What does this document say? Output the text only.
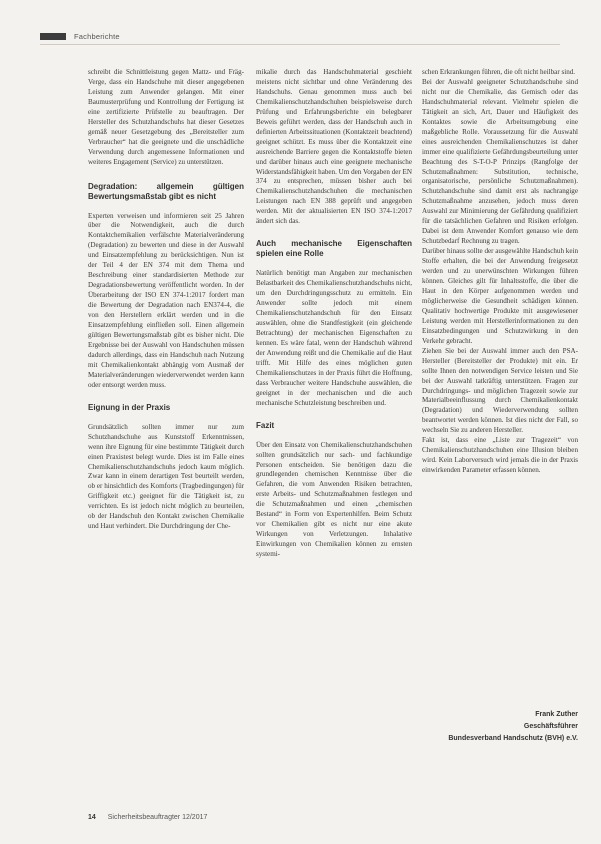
Fachberichte

schreibt die Schnittleistung gegen Mattz- und Fräg-Verge, dass ein Handschuhe mit dieser angegebenen Leistung zum Anwender gelangen. Mit einer Baumusterprüfung und Kontrollung der Fertigung ist eine zertifizierte Prüfstelle zu beauftragen. Der Hersteller des Schutzhandschuhs hat dieser Gesetzes gemäß neuer Gesetzgebung des „Bereitsteller zum Verbraucher“ hat die geeignete und die unschädliche Verwendung durch angemessene Informationen und weiteres Engagement (Service) zu unterstützen.

Degradation: allgemein gültigen Bewertungsmaßstab gibt es nicht

Experten verweisen und informieren seit 25 Jahren über die Notwendigkeit, auch die durch Kontaktchemikalien verfälschte Materialveränderung (Degradation) zu bewerten und diese in der Auswahl und Einsatzempfehlung zu berücksichtigen. Nun ist der Teil 4 der EN 374 mit dem Thema und Beschreibung einer standardisierten Methode zur Degradationsbewertung veröffentlicht worden. In der Überarbeitung der ISO EN 374-1:2017 fordert man die Bewertung der Degradation nach EN374-4, die von den Herstellern erklärt werden und in die Einsatzempfehlung einfließen soll. Einen allgemein gültigen Bewertungsmaßstab gibt es bisher nicht. Die Ergebnisse bei der Auswahl von Handschuhen müssen dadurch allerdings, dass ein Handschuh nach Nutzung mit Chemikalienkontakt abhängig vom Ausmaß der Materialveränderungen wiederverwendet werden kann oder entsorgt werden muss.

Eignung in der Praxis

Grundsätzlich sollten immer nur zum Schutzhandschuhe aus Kunststoff Erkenntnissen, wenn ihre Eignung für eine bestimmte Tätigkeit durch einen Praxistest belegt wurde. Dies ist im Falle eines Chemikalienschutzhandschuhs jedoch kaum möglich. Zwar kann in einem derartigen Test beurteilt werden, ob er hinsichtlich des Komforts (Tragbedingungen) für Griffigkeit etc.) geeignet für die Tätigkeit ist, zu verrichten. Es ist jedoch nicht möglich zu beurteilen, ob der Handschuh den Kontakt zwischen Chemikalie und Haut verhindert. Die Durchdringung der Che-

mikalie durch das Handschuhmaterial geschieht meistens nicht sichtbar und ohne Veränderung des Handschuhs. Genau genommen muss auch bei Chemikalienschutzhandschuhen beispielsweise durch Prüfung und Erfahrungsberichte ein belegbarer Beweis geführt werden, dass der Handschuh auch in definierten Arbeitssituationen (Kontaktzeit beachtend) geeignet schützt. Es muss über die Kontaktzeit eine ausreichende Barriere gegen die Kontaktstoffe bieten und darüber hinaus auch eine geeignete mechanische Widerstandsfähigkeit haben. Um den Vorgaben der EN 374 zu entsprechen, müssen bisher auch bei Chemikalienschutzhandschuhen die mechanischen Leistungen nach EN 388 geprüft und angegeben werden. Mit der aktualisierten EN ISO 374-1:2017 ändert sich das.

Auch mechanische Eigenschaften spielen eine Rolle

Natürlich benötigt man Angaben zur mechanischen Belastbarkeit des Chemikalienschutzhandschuhs nicht, um den Durchdringungsschutz zu ermitteln. Ein Anwender sollte jedoch mit einem Chemikalienschutzhandschuh für den Einsatz auswählen, ohne die Standfestigkeit (ein gleichende Betrachtung) der mechanischen Eigenschaften zu kennen. Es wäre fatal, wenn der Handschuh während der Anwendung reißt und die Chemikalie auf die Haut trifft. Mit Hilfe des eines möglichen guten Chemikalienschutzes in der Praxis führt die Hoffnung, dass Verbraucher weitere Handschuhe auswählen, die geeignet in der mechanischen und die auch mechanische Schutzleistung beschreiben und.

Fazit

Über den Einsatz von Chemikalienschutzhandschuhen sollten grundsätzlich nur sach- und fachkundige Personen entscheiden. Sie benötigen dazu die grundlegenden chemischen Kenntnisse über die Gefahren, die vom Anwenden Risiken betrachten, erste Arbeits- und Schutzmaßnahmen festlegen und die Schutzmaßnahmen und einen „chemischen Bestand“ in Form von Expertenhilfen. Beim Schutz vor Chemikalien gibt es nicht nur eine akute Wirkungen von Verletzungen. Inhalative Einwirkungen von Chemikalien können zu ernsten systemi-

schen Erkrankungen führen, die oft nicht heilbar sind.

Bei der Auswahl geeigneter Schutzhandschuhe sind nicht nur die Chemikalie, das Gemisch oder das Handschuhmaterial relevant. Vielmehr spielen die Tätigkeit an sich, Art, Dauer und Häufigkeit des Kontaktes sowie die Arbeitsumgebung eine maßgebliche Rolle. Voraussetzung für die Auswahl eines ausreichenden Chemikalienschutzes ist daher immer eine qualifizierte Gefährdungsbeurteilung unter Beachtung des S-T-O-P Prinzips (Rangfolge der Schutzmaßnahmen: Substitution, technische, organisatorische, persönliche Schutzmaßnahmen). Schutzhandschuhe sind damit erst als nachrangige Schutzmaßnahme anzusehen, jedoch muss deren Auswahl zur Minimierung der Gefährdung qualifiziert für die tatsächlichen Gefahren und Risiken erfolgen. Dabei ist dem Anwender Komfort genauso wie dem Schutzbedarf Rechnung zu tragen.

Darüber hinaus sollte der ausgewählte Handschuh kein Stoffe erhalten, die bei der Anwendung freigesetzt werden und zu unerwünschten Wirkungen führen können. Gleiches gilt für Inhaltsstoffe, die über die Haut in den Körper aufgenommen werden und möglicherweise die Gesundheit schädigen können. Qualitativ hochwertige Produkte mit ausgewiesener Leistung werden mit Herstellerinformationen zu den Einsatzbedingungen und Schutzwirkung in den Verkehr gebracht.

Ziehen Sie bei der Auswahl immer auch den PSA-Hersteller (Bereitsteller der Produkte) mit ein. Er sollte Ihnen den notwendigen Service leisten und Sie bei der Auswahl tatkräftig unterstützen. Fragen zur Durchdringungs- und möglichen Tragezeit sowie zur Materialbeeinflussung durch Chemikalienkontakt (Degradation) und Wiederverwendung sollten beantwortet werden können. Ist dies nicht der Fall, so wechseln Sie zu anderen Hersteller.

Fakt ist, dass eine „Liste zur Tragezeit“ von Chemikalienschutzhandschuhen eine Illusion bleiben wird. Kein Laborversuch wird jemals die in der Praxis einwirkenden Parameter erfassen können.

Frank Zuther
Geschäftsführer
Bundesverband Handschutz (BVH) e.V.
14 Sicherheitsbeauftragter 12/2017
